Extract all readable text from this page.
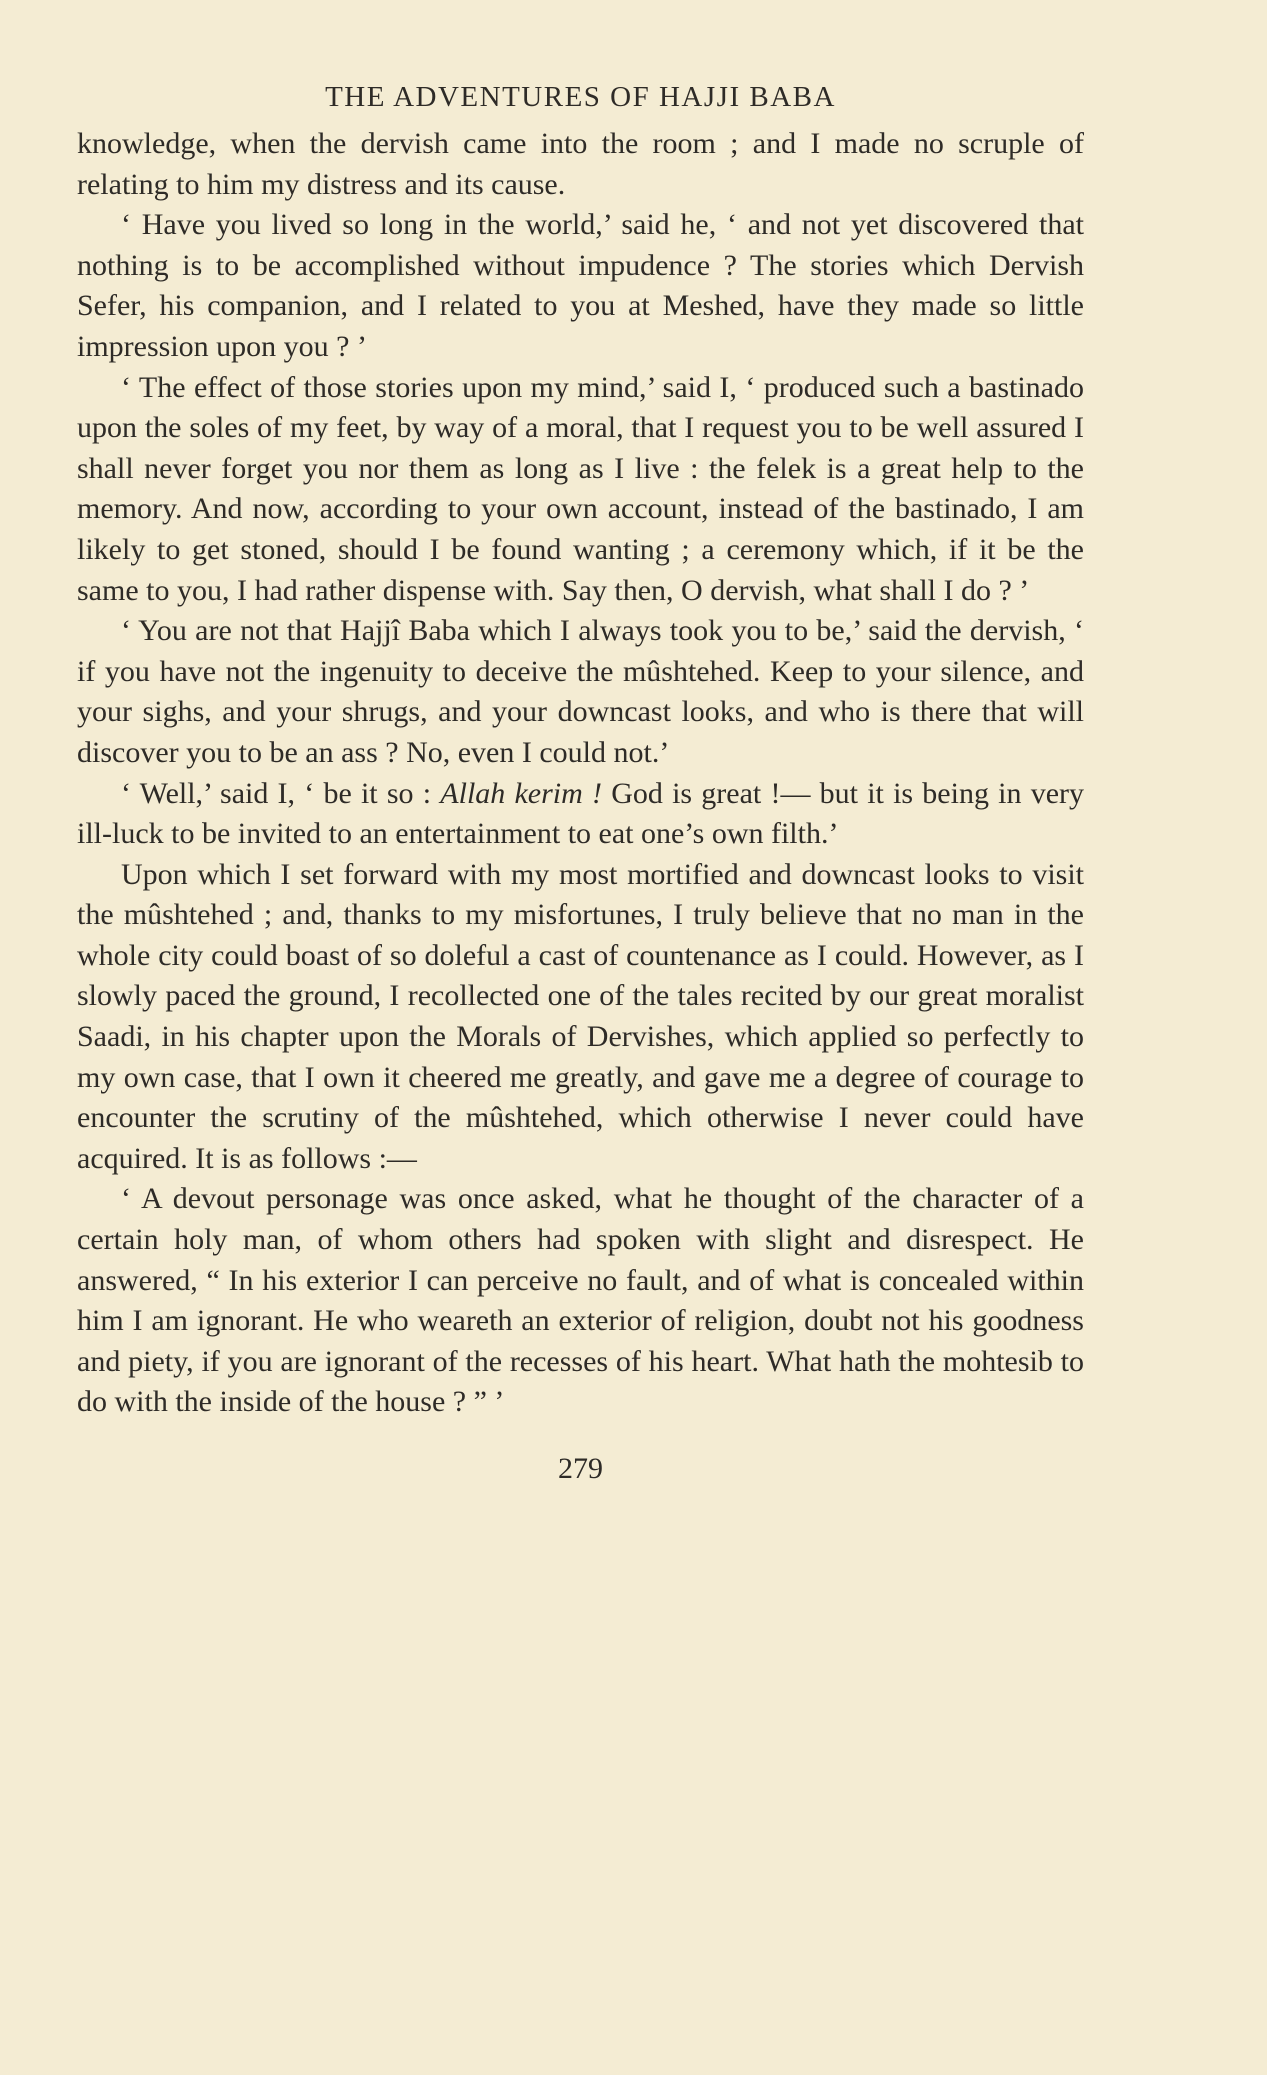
THE ADVENTURES OF HAJJI BABA

knowledge, when the dervish came into the room ; and I made no scruple of relating to him my distress and its cause.

‘ Have you lived so long in the world,’ said he, ‘ and not yet discovered that nothing is to be accomplished without impudence ? The stories which Dervish Sefer, his companion, and I related to you at Meshed, have they made so little impression upon you ? ’

‘ The effect of those stories upon my mind,’ said I, ‘ produced such a bastinado upon the soles of my feet, by way of a moral, that I request you to be well assured I shall never forget you nor them as long as I live : the felek is a great help to the memory. And now, according to your own account, instead of the bastinado, I am likely to get stoned, should I be found wanting ; a ceremony which, if it be the same to you, I had rather dispense with. Say then, O dervish, what shall I do ? ’

‘ You are not that Hajjî Baba which I always took you to be,’ said the dervish, ‘ if you have not the ingenuity to deceive the mûshtehed. Keep to your silence, and your sighs, and your shrugs, and your downcast looks, and who is there that will discover you to be an ass ? No, even I could not.’

‘ Well,’ said I, ‘ be it so : Allah kerim ! God is great !— but it is being in very ill-luck to be invited to an entertainment to eat one’s own filth.’

Upon which I set forward with my most mortified and downcast looks to visit the mûshtehed ; and, thanks to my misfortunes, I truly believe that no man in the whole city could boast of so doleful a cast of countenance as I could. However, as I slowly paced the ground, I recollected one of the tales recited by our great moralist Saadi, in his chapter upon the Morals of Dervishes, which applied so perfectly to my own case, that I own it cheered me greatly, and gave me a degree of courage to encounter the scrutiny of the mûshtehed, which otherwise I never could have acquired. It is as follows :—

‘ A devout personage was once asked, what he thought of the character of a certain holy man, of whom others had spoken with slight and disrespect. He answered, “ In his exterior I can perceive no fault, and of what is concealed within him I am ignorant. He who weareth an exterior of religion, doubt not his goodness and piety, if you are ignorant of the recesses of his heart. What hath the mohtesib to do with the inside of the house ? ” ’

279
